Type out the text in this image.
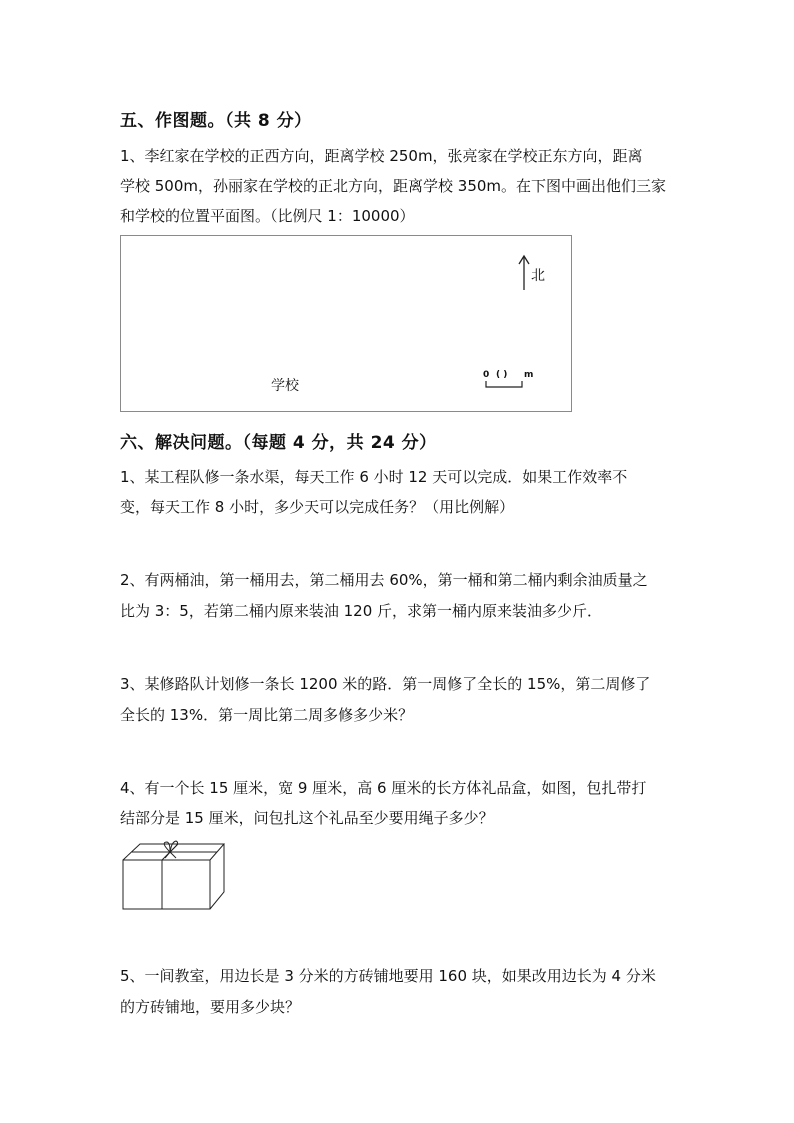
五、作图题。（共 8 分）
1、李红家在学校的正西方向，距离学校 250m，张亮家在学校正东方向，距离
学校 500m，孙丽家在学校的正北方向，距离学校 350m。在下图中画出他们三家
和学校的位置平面图。（比例尺 1：10000）
北
学校
0 ( ) m
六、解决问题。（每题 4 分，共 24 分）
1、某工程队修一条水渠，每天工作 6 小时 12 天可以完成．如果工作效率不
变，每天工作 8 小时，多少天可以完成任务？（用比例解）
2、有两桶油，第一桶用去，第二桶用去 60%，第一桶和第二桶内剩余油质量之
比为 3：5，若第二桶内原来装油 120 斤，求第一桶内原来装油多少斤．
3、某修路队计划修一条长 1200 米的路．第一周修了全长的 15%，第二周修了
全长的 13%．第一周比第二周多修多少米？
4、有一个长 15 厘米，宽 9 厘米，高 6 厘米的长方体礼品盒，如图，包扎带打
结部分是 15 厘米，问包扎这个礼品至少要用绳子多少？
5、一间教室，用边长是 3 分米的方砖铺地要用 160 块，如果改用边长为 4 分米
的方砖铺地，要用多少块？
